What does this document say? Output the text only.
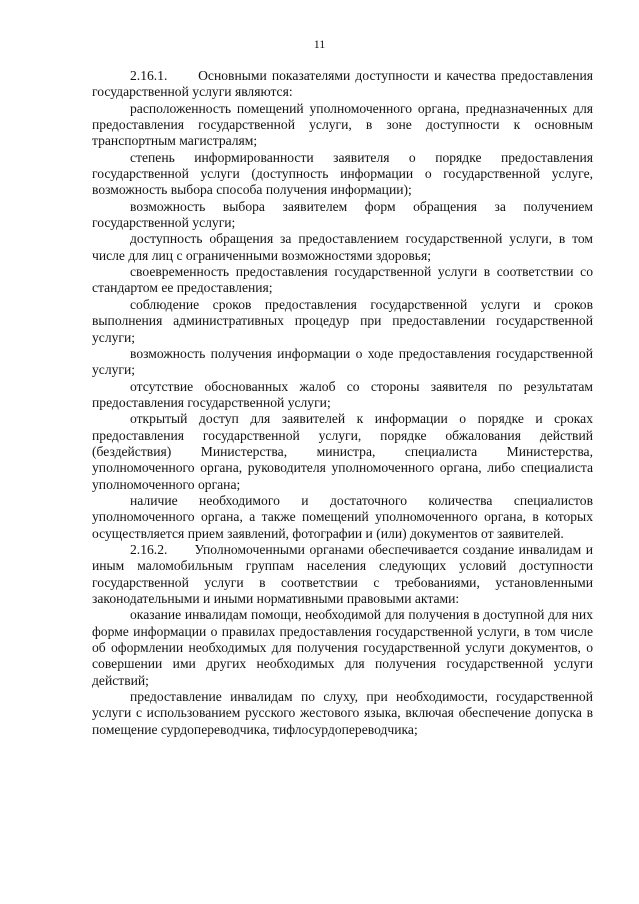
11

2.16.1.      Основными показателями доступности и качества предоставления государственной услуги являются:

расположенность помещений уполномоченного органа, предназначенных для предоставления государственной услуги, в зоне доступности к основным транспортным магистралям;

степень информированности заявителя о порядке предоставления государственной услуги (доступность информации о государственной услуге, возможность выбора способа получения информации);

возможность выбора заявителем форм обращения за получением государственной услуги;

доступность обращения за предоставлением государственной услуги, в том числе для лиц с ограниченными возможностями здоровья;

своевременность предоставления государственной услуги в соответствии со стандартом ее предоставления;

соблюдение сроков предоставления государственной услуги и сроков выполнения административных процедур при предоставлении государственной услуги;

возможность получения информации о ходе предоставления государственной услуги;

отсутствие обоснованных жалоб со стороны заявителя по результатам предоставления государственной услуги;

открытый доступ для заявителей к информации о порядке и сроках предоставления государственной услуги, порядке обжалования действий (бездействия) Министерства, министра, специалиста Министерства, уполномоченного органа, руководителя уполномоченного органа, либо специалиста уполномоченного органа;

наличие необходимого и достаточного количества специалистов уполномоченного органа, а также помещений уполномоченного органа, в которых осуществляется прием заявлений, фотографии и (или) документов от заявителей.

2.16.2.      Уполномоченными органами обеспечивается создание инвалидам и иным маломобильным группам населения следующих условий доступности государственной услуги в соответствии с требованиями, установленными законодательными и иными нормативными правовыми актами:

оказание инвалидам помощи, необходимой для получения в доступной для них форме информации о правилах предоставления государственной услуги, в том числе об оформлении необходимых для получения государственной услуги документов, о совершении ими других необходимых для получения государственной услуги действий;

предоставление инвалидам по слуху, при необходимости, государственной услуги с использованием русского жестового языка, включая обеспечение допуска в помещение сурдопереводчика, тифлосурдопереводчика;
